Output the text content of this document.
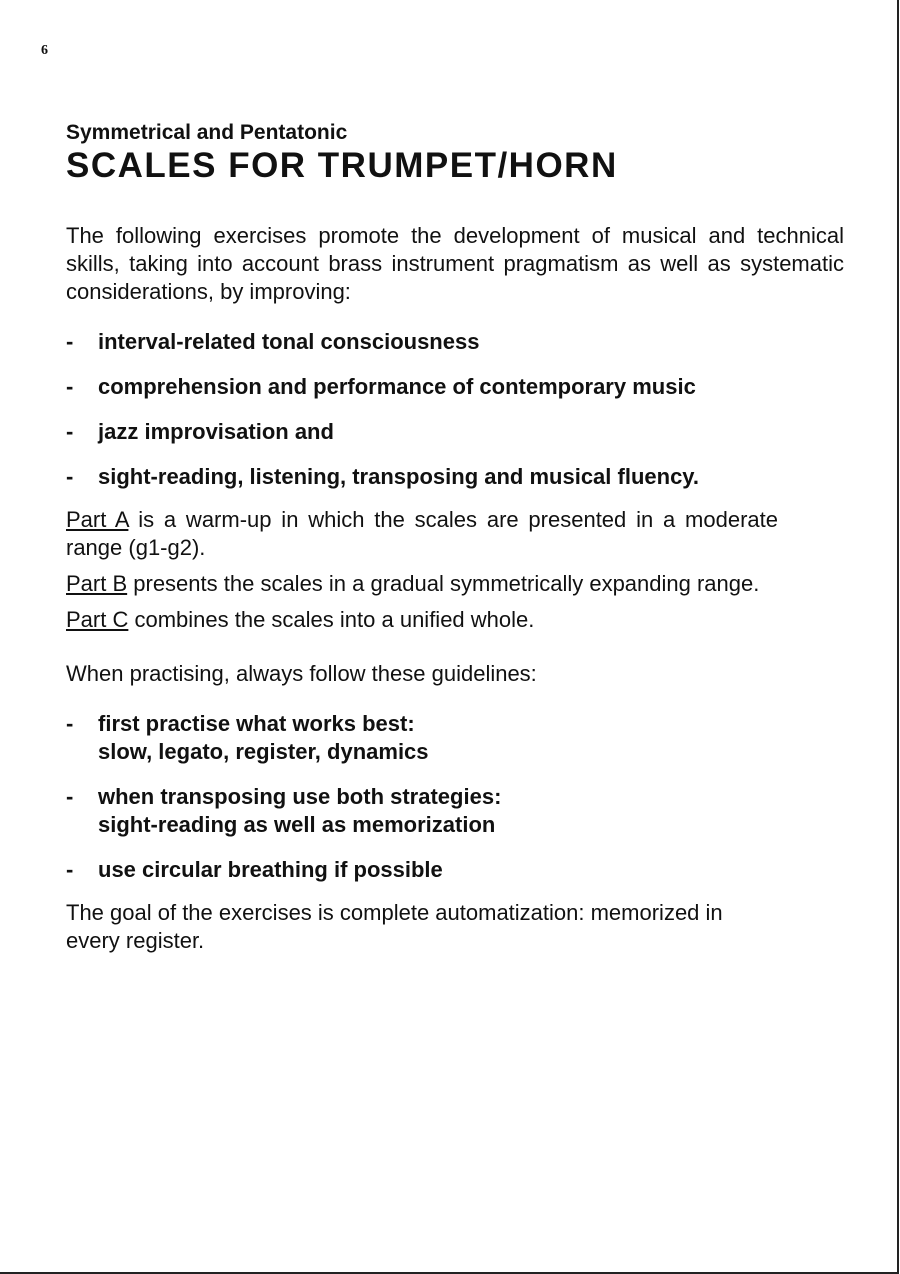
6

Symmetrical and Pentatonic

SCALES FOR TRUMPET/HORN

The following exercises promote the development of musical and technical skills, taking into account brass instrument pragmatism as well as systematic considerations, by improving:

-	interval-related tonal consciousness
-	comprehension and performance of contemporary music
-	jazz improvisation and
-	sight-reading, listening, transposing and musical fluency.

Part A is a warm-up in which the scales are presented in a moderate range (g1-g2).

Part B presents the scales in a gradual symmetrically expanding range.

Part C combines the scales into a unified whole.

When practising, always follow these guidelines:

-	first practise what works best:
slow, legato, register, dynamics
-	when transposing use both strategies:
sight-reading as well as memorization
-	use circular breathing if possible

The goal of the exercises is complete automatization: memorized in every register.
